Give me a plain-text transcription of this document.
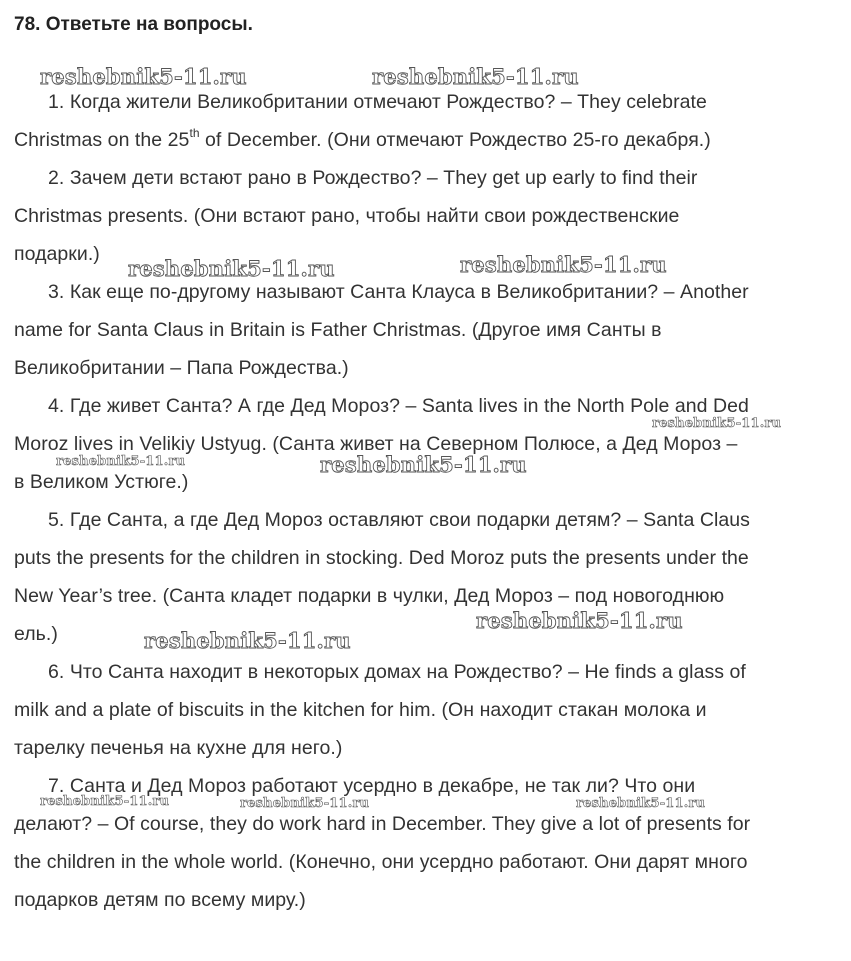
78. Ответьте на вопросы.
1. Когда жители Великобритании отмечают Рождество? – They celebrate
Christmas on the 25th of December. (Они отмечают Рождество 25-го декабря.)
2. Зачем дети встают рано в Рождество? – They get up early to find their
Christmas presents. (Они встают рано, чтобы найти свои рождественские
подарки.)
3. Как еще по-другому называют Санта Клауса в Великобритании? – Another
name for Santa Claus in Britain is Father Christmas. (Другое имя Санты в
Великобритании – Папа Рождества.)
4. Где живет Санта? А где Дед Мороз? – Santa lives in the North Pole and Ded
Moroz lives in Velikiy Ustyug. (Санта живет на Северном Полюсе, а Дед Мороз –
в Великом Устюге.)
5. Где Санта, а где Дед Мороз оставляют свои подарки детям? – Santa Claus
puts the presents for the children in stocking. Ded Moroz puts the presents under the
New Year’s tree. (Санта кладет подарки в чулки, Дед Мороз – под новогоднюю
ель.)
6. Что Санта находит в некоторых домах на Рождество? – He finds a glass of
milk and a plate of biscuits in the kitchen for him. (Он находит стакан молока и
тарелку печенья на кухне для него.)
7. Санта и Дед Мороз работают усердно в декабре, не так ли? Что они
делают? – Of course, they do work hard in December. They give a lot of presents for
the children in the whole world. (Конечно, они усердно работают. Они дарят много
подарков детям по всему миру.)
reshebnik5-11.ru	reshebnik5-11.ru
reshebnik5-11.ru	reshebnik5-11.ru
reshebnik5-11.ru
reshebnik5-11.ru	reshebnik5-11.ru
reshebnik5-11.ru
reshebnik5-11.ru
reshebnik5-11.ru	reshebnik5-11.ru	reshebnik5-11.ru
